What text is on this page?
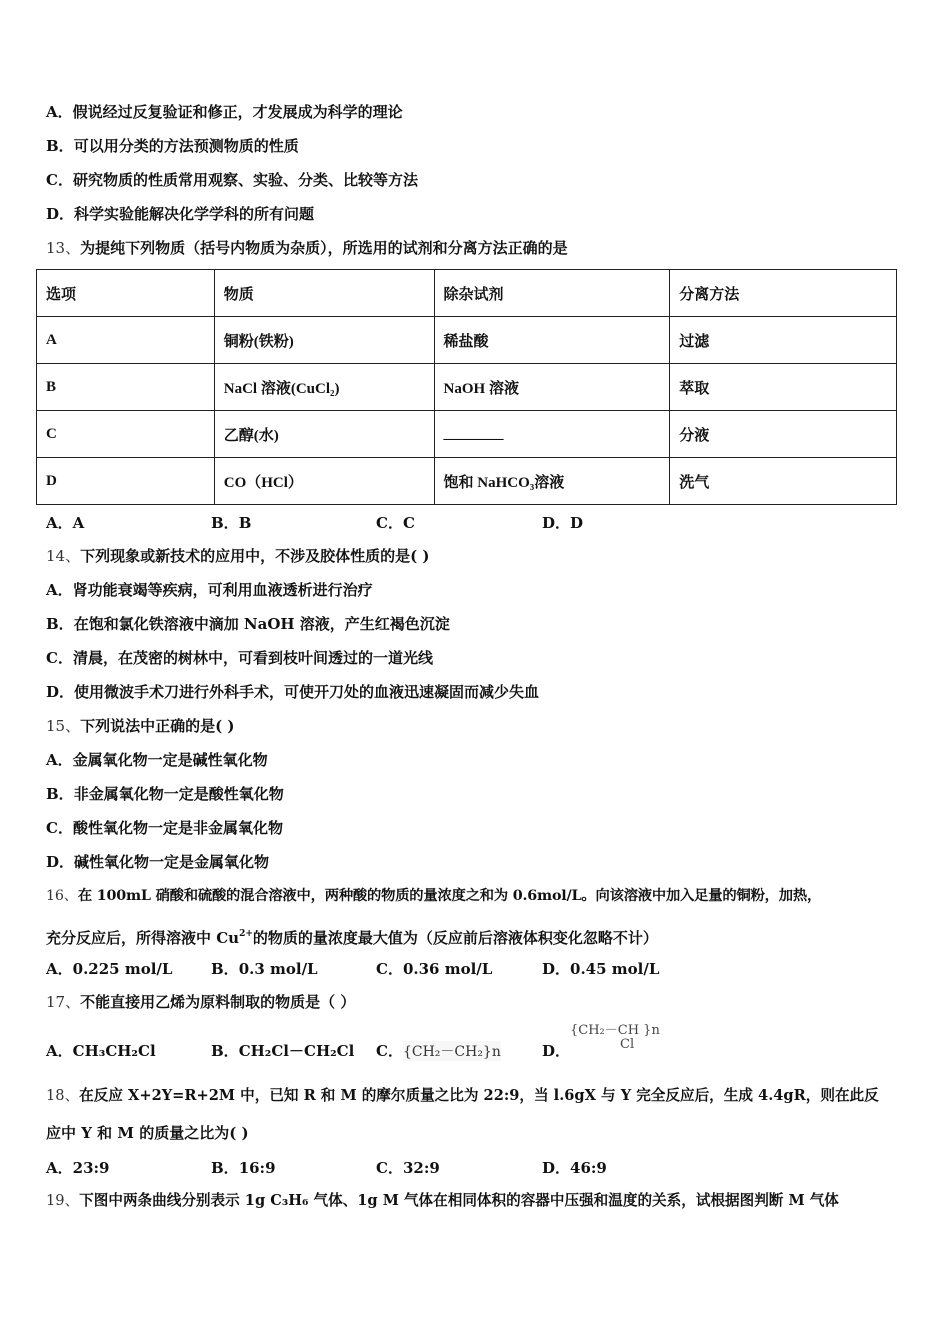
A．假说经过反复验证和修正，才发展成为科学的理论
B．可以用分类的方法预测物质的性质
C．研究物质的性质常用观察、实验、分类、比较等方法
D．科学实验能解决化学学科的所有问题
13、为提纯下列物质（括号内物质为杂质），所选用的试剂和分离方法正确的是
选项	物质	除杂试剂	分离方法
A	铜粉(铁粉)	稀盐酸	过滤
B	NaCl 溶液(CuCl₂)	NaOH 溶液	萃取
C	乙醇(水)	________	分液
D	CO（HCl）	饱和 NaHCO₃溶液	洗气
A．A	B．B	C．C	D．D
14、下列现象或新技术的应用中，不涉及胶体性质的是( )
A．肾功能衰竭等疾病，可利用血液透析进行治疗
B．在饱和氯化铁溶液中滴加 NaOH 溶液，产生红褐色沉淀
C．清晨，在茂密的树林中，可看到枝叶间透过的一道光线
D．使用微波手术刀进行外科手术，可使开刀处的血液迅速凝固而减少失血
15、下列说法中正确的是( )
A．金属氧化物一定是碱性氧化物
B．非金属氧化物一定是酸性氧化物
C．酸性氧化物一定是非金属氧化物
D．碱性氧化物一定是金属氧化物
16、在 100mL 硝酸和硫酸的混合溶液中，两种酸的物质的量浓度之和为 0.6mol/L。向该溶液中加入足量的铜粉，加热，
充分反应后，所得溶液中 $Cu^{2+}$的物质的量浓度最大值为（反应前后溶液体积变化忽略不计）
A．0.225 mol/L	B．0.3 mol/L	C．0.36 mol/L	D．0.45 mol/L
17、不能直接用乙烯为原料制取的物质是（ ）
A．CH₃CH₂Cl	B．CH₂Cl－CH₂Cl C．{CH₂－CH₂}n	D．
{CH₂－CH }n
Cl
18、在反应 X+2Y=R+2M 中，已知 R 和 M 的摩尔质量之比为 22:9，当 l.6gX 与 Y 完全反应后，生成 4.4gR，则在此反
应中 Y 和 M 的质量之比为( )
A．23:9	B．16:9	C．32:9	D．46:9
19、下图中两条曲线分别表示 1g C₃H₆ 气体、1g M 气体在相同体积的容器中压强和温度的关系，试根据图判断 M 气体
